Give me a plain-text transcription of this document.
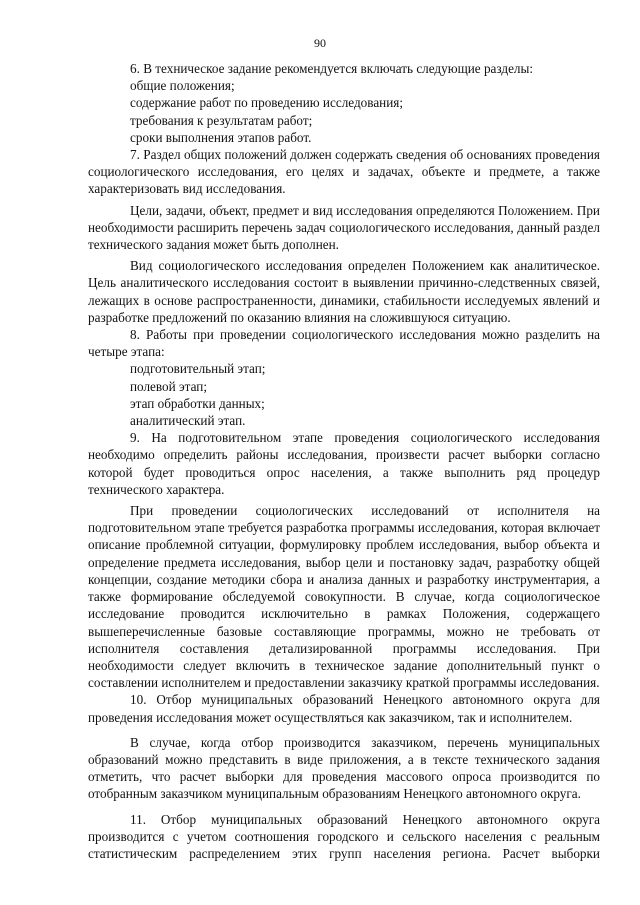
90

6. В техническое задание рекомендуется включать следующие разделы:

общие положения;

содержание работ по проведению исследования;

требования к результатам работ;

сроки выполнения этапов работ.

7. Раздел общих положений должен содержать сведения об основаниях проведения социологического исследования, его целях и задачах, объекте и предмете, а также характеризовать вид исследования.

Цели, задачи, объект, предмет и вид исследования определяются Положением. При необходимости расширить перечень задач социологического исследования, данный раздел технического задания может быть дополнен.

Вид социологического исследования определен Положением как аналитическое. Цель аналитического исследования состоит в выявлении причинно-следственных связей, лежащих в основе распространенности, динамики, стабильности исследуемых явлений и разработке предложений по оказанию влияния на сложившуюся ситуацию.

8. Работы при проведении социологического исследования можно разделить на четыре этапа:

подготовительный этап;

полевой этап;

этап обработки данных;

аналитический этап.

9. На подготовительном этапе проведения социологического исследования необходимо определить районы исследования, произвести расчет выборки согласно которой будет проводиться опрос населения, а также выполнить ряд процедур технического характера.

При проведении социологических исследований от исполнителя на подготовительном этапе требуется разработка программы исследования, которая включает описание проблемной ситуации, формулировку проблем исследования, выбор объекта и определение предмета исследования, выбор цели и постановку задач, разработку общей концепции, создание методики сбора и анализа данных и разработку инструментария, а также формирование обследуемой совокупности. В случае, когда социологическое исследование проводится исключительно в рамках Положения, содержащего вышеперечисленные базовые составляющие программы, можно не требовать от исполнителя составления детализированной программы исследования. При необходимости следует включить в техническое задание дополнительный пункт о составлении исполнителем и предоставлении заказчику краткой программы исследования.

10. Отбор муниципальных образований Ненецкого автономного округа для проведения исследования может осуществляться как заказчиком, так и исполнителем.

В случае, когда отбор производится заказчиком, перечень муниципальных образований можно представить в виде приложения, а в тексте технического задания отметить, что расчет выборки для проведения массового опроса производится по отобранным заказчиком муниципальным образованиям Ненецкого автономного округа.

11. Отбор муниципальных образований Ненецкого автономного округа производится с учетом соотношения городского и сельского населения с реальным статистическим распределением этих групп населения региона. Расчет выборки
